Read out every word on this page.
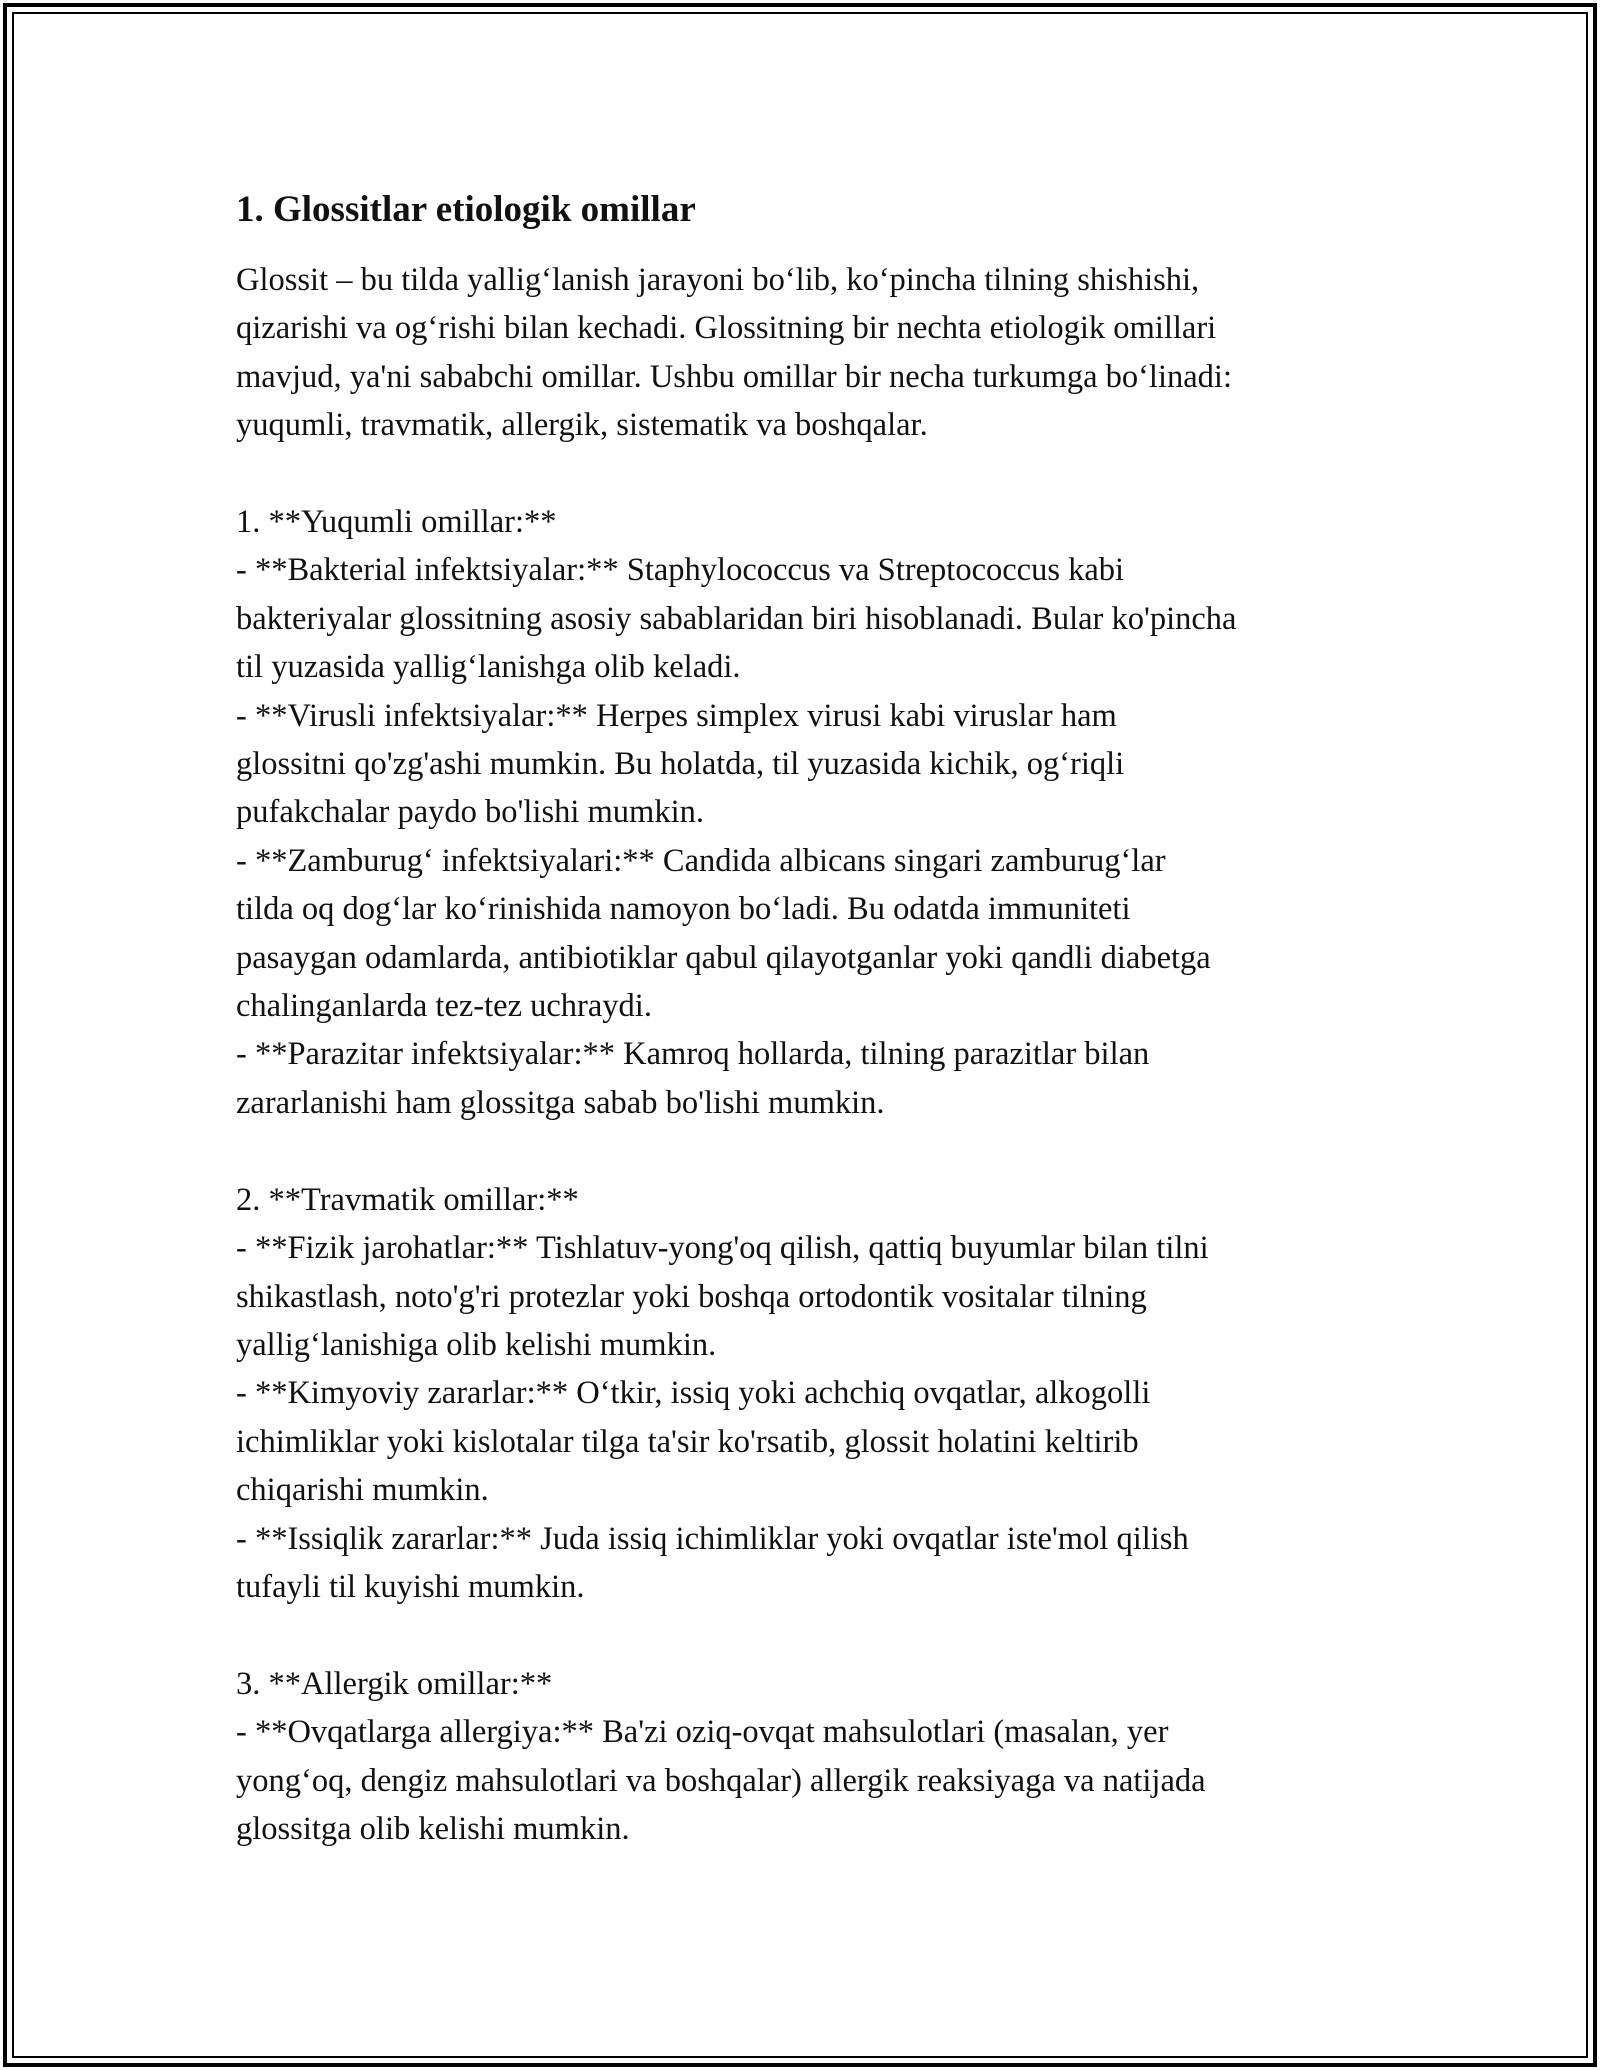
1. Glossitlar etiologik omillar

Glossit – bu tilda yallig‘lanish jarayoni bo‘lib, ko‘pincha tilning shishishi,
qizarishi va og‘rishi bilan kechadi. Glossitning bir nechta etiologik omillari
mavjud, ya'ni sababchi omillar. Ushbu omillar bir necha turkumga bo‘linadi:
yuqumli, travmatik, allergik, sistematik va boshqalar.

1. **Yuqumli omillar:**

- **Bakterial infektsiyalar:** Staphylococcus va Streptococcus kabi
bakteriyalar glossitning asosiy sabablaridan biri hisoblanadi. Bular ko'pincha
til yuzasida yallig‘lanishga olib keladi.

- **Virusli infektsiyalar:** Herpes simplex virusi kabi viruslar ham
glossitni qo'zg'ashi mumkin. Bu holatda, til yuzasida kichik, og‘riqli
pufakchalar paydo bo'lishi mumkin.

- **Zamburug‘ infektsiyalari:** Candida albicans singari zamburug‘lar
tilda oq dog‘lar ko‘rinishida namoyon bo‘ladi. Bu odatda immuniteti
pasaygan odamlarda, antibiotiklar qabul qilayotganlar yoki qandli diabetga
chalinganlarda tez-tez uchraydi.

- **Parazitar infektsiyalar:** Kamroq hollarda, tilning parazitlar bilan
zararlanishi ham glossitga sabab bo'lishi mumkin.

2. **Travmatik omillar:**

- **Fizik jarohatlar:** Tishlatuv-yong'oq qilish, qattiq buyumlar bilan tilni
shikastlash, noto'g'ri protezlar yoki boshqa ortodontik vositalar tilning
yallig‘lanishiga olib kelishi mumkin.

- **Kimyoviy zararlar:** O‘tkir, issiq yoki achchiq ovqatlar, alkogolli
ichimliklar yoki kislotalar tilga ta'sir ko'rsatib, glossit holatini keltirib
chiqarishi mumkin.

- **Issiqlik zararlar:** Juda issiq ichimliklar yoki ovqatlar iste'mol qilish
tufayli til kuyishi mumkin.

3. **Allergik omillar:**

- **Ovqatlarga allergiya:** Ba'zi oziq-ovqat mahsulotlari (masalan, yer
yong‘oq, dengiz mahsulotlari va boshqalar) allergik reaksiyaga va natijada
glossitga olib kelishi mumkin.
